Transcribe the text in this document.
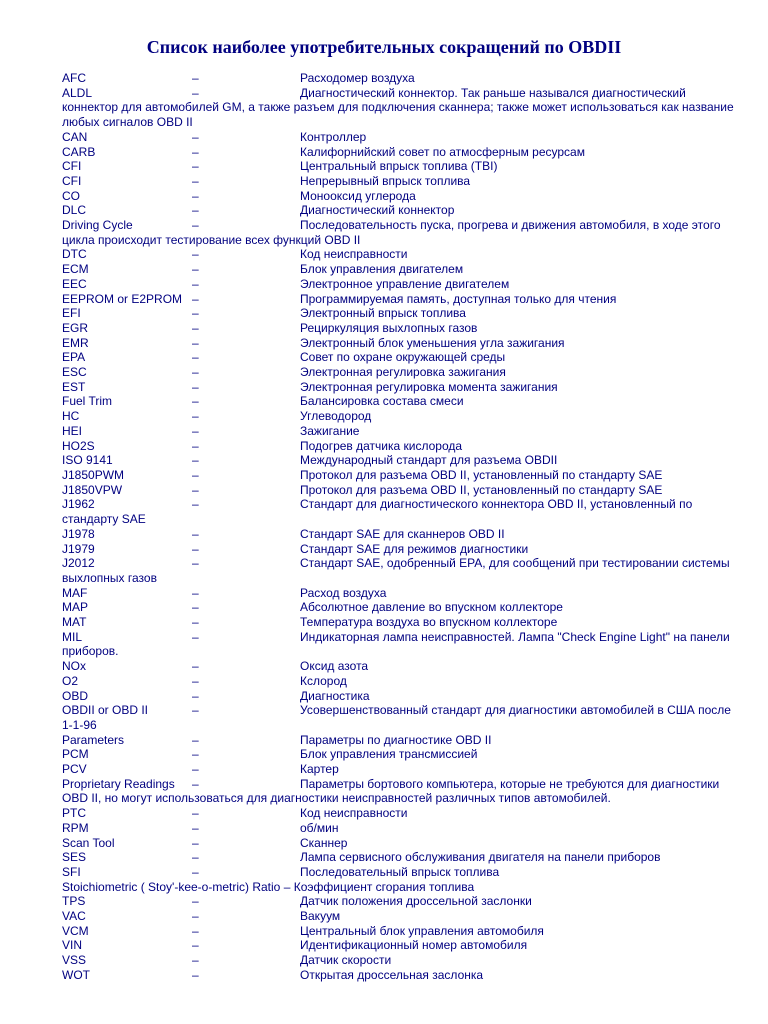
Список наиболее употребительных сокращений по OBDII
AFC	–	Расходомер воздуха
ALDL	–	Диагностический коннектор. Так раньше назывался диагностический коннектор для автомобилей GM, а также разъем для подключения сканнера; также может использоваться как название любых сигналов OBD II
CAN	–	Контроллер
CARB	–	Калифорнийский совет по атмосферным ресурсам
CFI	–	Центральный впрыск топлива (TBI)
CFI	–	Непрерывный впрыск топлива
CO	–	Монооксид углерода
DLC	–	Диагностический коннектор
Driving Cycle	–	Последовательность пуска, прогрева и движения автомобиля, в ходе этого цикла происходит тестирование всех функций OBD II
DTC	–	Код неисправности
ECM	–	Блок управления двигателем
EEC	–	Электронное управление двигателем
EEPROM or E2PROM –	Программируемая память, доступная только для чтения
EFI	–	Электронный впрыск топлива
EGR	–	Рециркуляция выхлопных газов
EMR	–	Электронный блок уменьшения угла зажигания
EPA	–	Совет по охране окружающей среды
ESC	–	Электронная регулировка зажигания
EST	–	Электронная регулировка момента зажигания
Fuel Trim	–	Балансировка состава смеси
HC	–	Углеводород
HEI	–	Зажигание
HO2S	–	Подогрев датчика кислорода
ISO 9141	–	Международный стандарт для разъема OBDII
J1850PWM	–	Протокол для разъема OBD II, установленный по стандарту SAE
J1850VPW	–	Протокол для разъема OBD II, установленный по стандарту SAE
J1962	–	Стандарт для диагностического коннектора OBD II, установленный по стандарту SAE
J1978	–	Стандарт SAE для сканнеров OBD II
J1979	–	Стандарт SAE для режимов диагностики
J2012	–	Стандарт SAE, одобренный EPA, для сообщений при тестировании системы выхлопных газов
MAF	–	Расход воздуха
MAP	–	Абсолютное давление во впускном коллекторе
MAT	–	Температура воздуха во впускном коллекторе
MIL	–	Индикаторная лампа неисправностей. Лампа "Check Engine Light" на панели приборов.
NOx	–	Оксид азота
O2	–	Кслород
OBD	–	Диагностика
OBDII or OBD II	–	Усовершенствованный стандарт для диагностики автомобилей в США после 1-1-96
Parameters	–	Параметры по диагностике OBD II
PCM	–	Блок управления трансмиссией
PCV	–	Картер
Proprietary Readings –	Параметры бортового компьютера, которые не требуются для диагностики OBD II, но могут использоваться для диагностики неисправностей различных типов автомобилей.
PTC	–	Код неисправности
RPM	–	об/мин
Scan Tool	–	Сканнер
SES	–	Лампа сервисного обслуживания двигателя на панели приборов
SFI	–	Последовательный впрыск топлива
Stoichiometric ( Stoy'-kee-o-metric) Ratio – Коэффициент сгорания топлива
TPS	–	Датчик положения дроссельной заслонки
VAC	–	Вакуум
VCM	–	Центральный блок управления автомобиля
VIN	–	Идентификационный номер автомобиля
VSS	–	Датчик скорости
WOT	–	Открытая дроссельная заслонка
